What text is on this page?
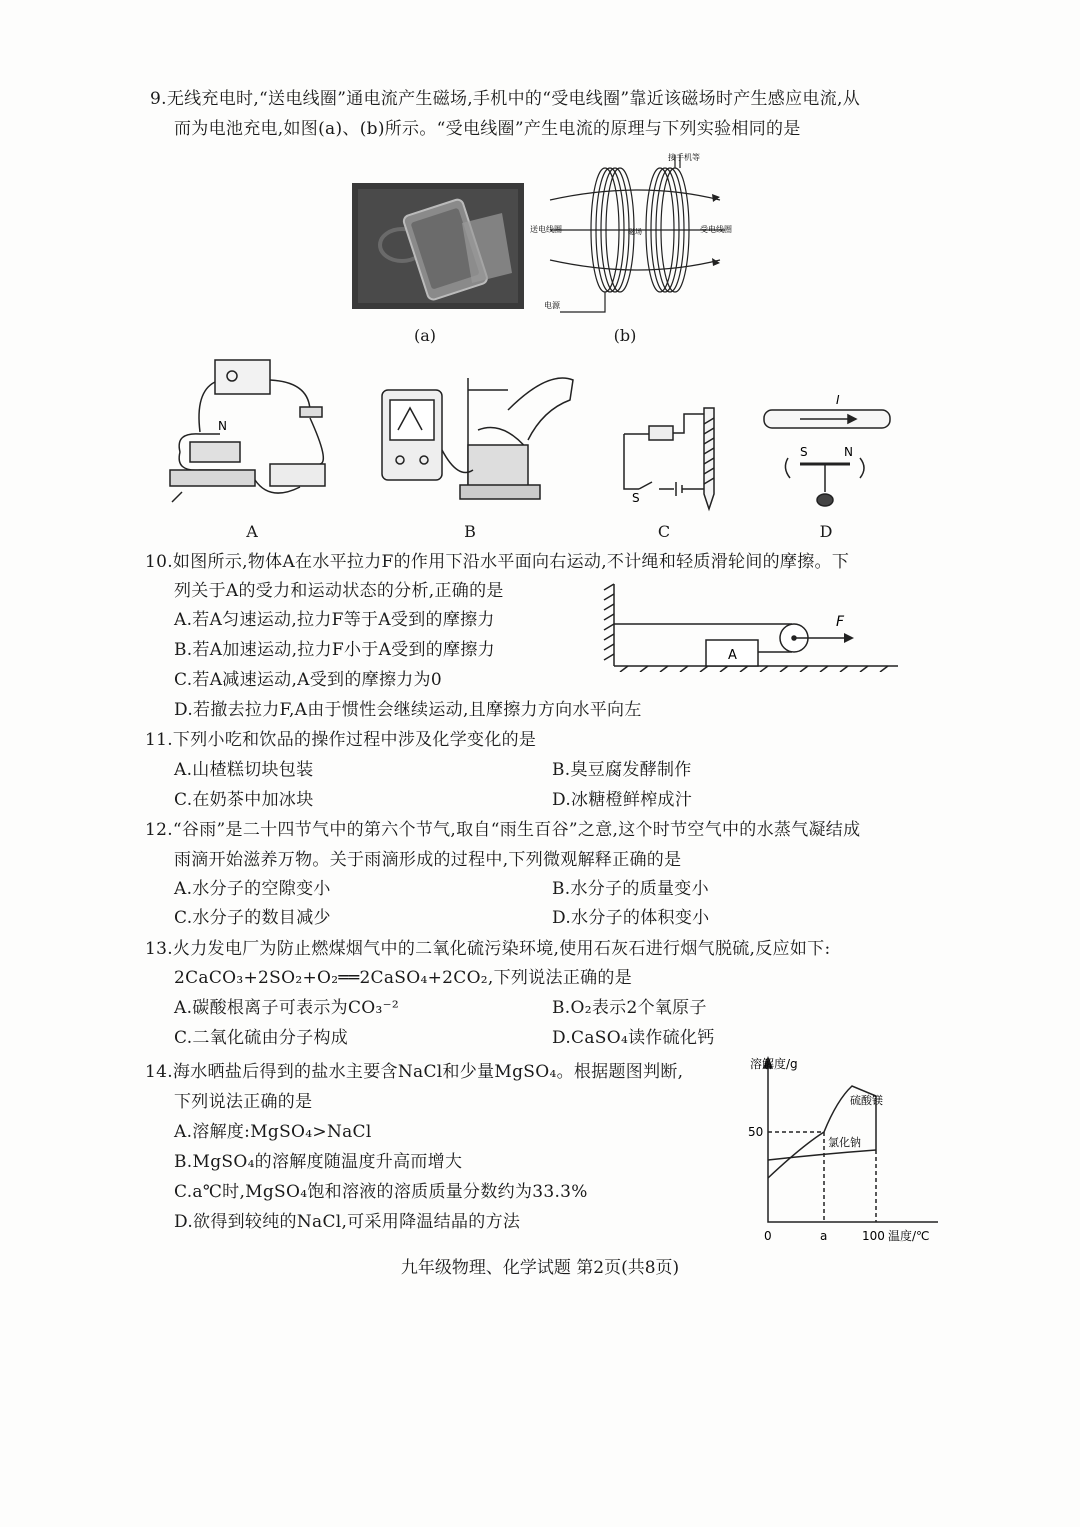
9.无线充电时,“送电线圈”通电流产生磁场,手机中的“受电线圈”靠近该磁场时产生感应电流,从
而为电池充电,如图(a)、(b)所示。“受电线圈”产生电流的原理与下列实验相同的是
(a)
接手机等
送电线圈	磁场	受电线圈
电源
(b)
N
S
I
S	N
A	B	C	D
10.如图所示,物体A在水平拉力F的作用下沿水平面向右运动,不计绳和轻质滑轮间的摩擦。下
列关于A的受力和运动状态的分析,正确的是
A.若A匀速运动,拉力F等于A受到的摩擦力
B.若A加速运动,拉力F小于A受到的摩擦力
C.若A减速运动,A受到的摩擦力为0
D.若撤去拉力F,A由于惯性会继续运动,且摩擦力方向水平向左
A
F
11.下列小吃和饮品的操作过程中涉及化学变化的是
A.山楂糕切块包装	B.臭豆腐发酵制作
C.在奶茶中加冰块	D.冰糖橙鲜榨成汁
12.“谷雨”是二十四节气中的第六个节气,取自“雨生百谷”之意,这个时节空气中的水蒸气凝结成
雨滴开始滋养万物。关于雨滴形成的过程中,下列微观解释正确的是
A.水分子的空隙变小	B.水分子的质量变小
C.水分子的数目减少	D.水分子的体积变小
13.火力发电厂为防止燃煤烟气中的二氧化硫污染环境,使用石灰石进行烟气脱硫,反应如下:
2CaCO₃+2SO₂+O₂══2CaSO₄+2CO₂,下列说法正确的是
A.碳酸根离子可表示为CO₃⁻²	B.O₂表示2个氧原子
C.二氧化硫由分子构成	D.CaSO₄读作硫化钙
14.海水晒盐后得到的盐水主要含NaCl和少量MgSO₄。根据题图判断,
下列说法正确的是
A.溶解度:MgSO₄>NaCl
B.MgSO₄的溶解度随温度升高而增大
C.a℃时,MgSO₄饱和溶液的溶质质量分数约为33.3%
D.欲得到较纯的NaCl,可采用降温结晶的方法
溶解度/g
50
0	a	100 温度/℃
硫酸镁
氯化钠
九年级物理、化学试题 第2页(共8页)
